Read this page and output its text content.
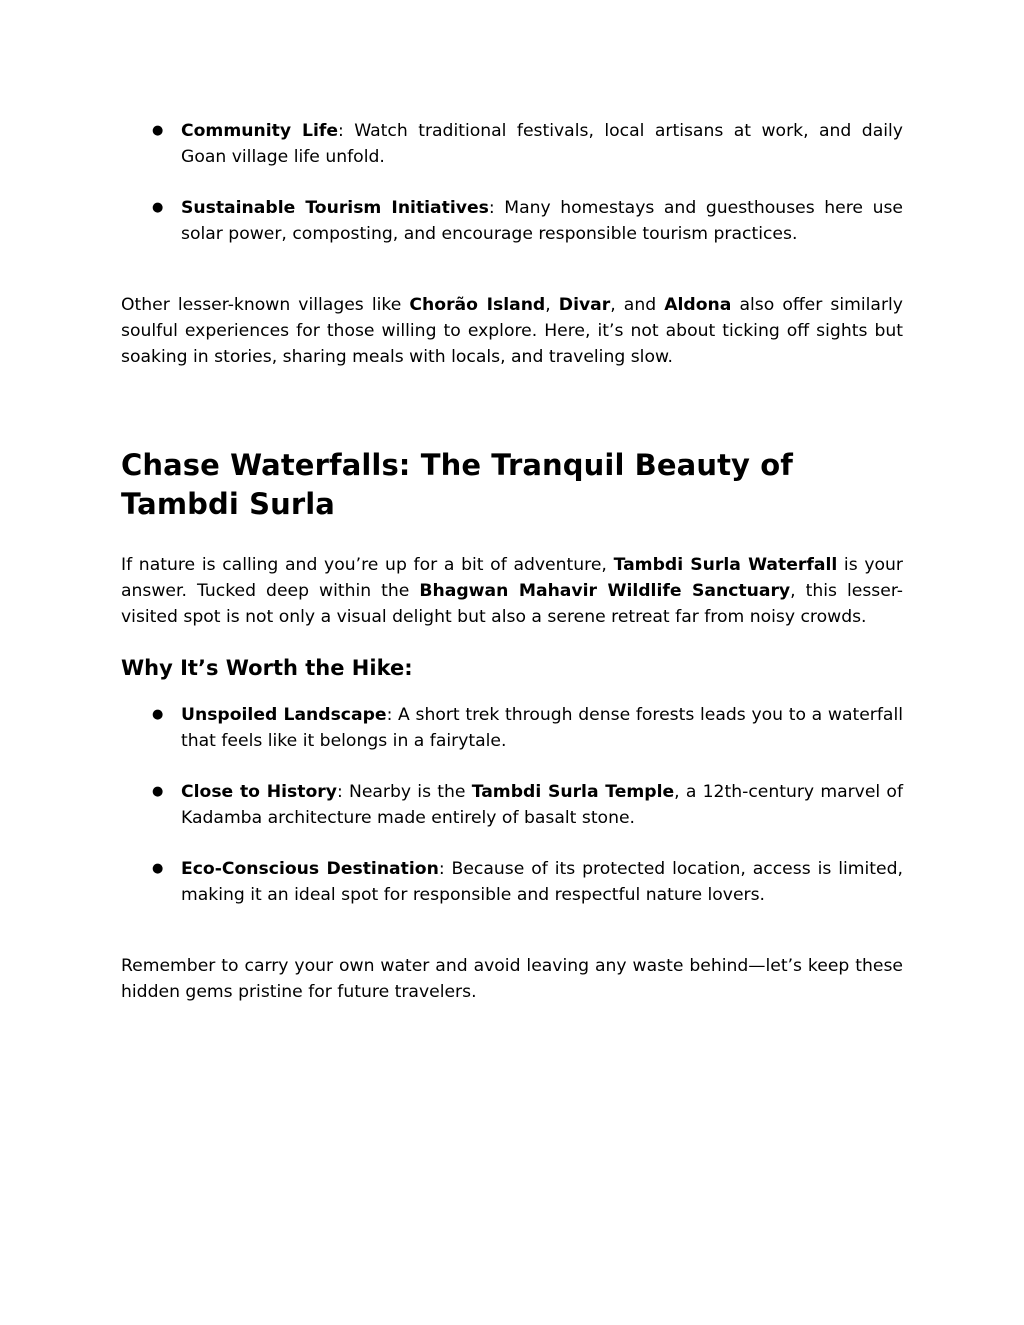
● Community Life: Watch traditional festivals, local artisans at work, and daily Goan village life unfold.
● Sustainable Tourism Initiatives: Many homestays and guesthouses here use solar power, composting, and encourage responsible tourism practices.

Other lesser-known villages like Chorão Island, Divar, and Aldona also offer similarly soulful experiences for those willing to explore. Here, it’s not about ticking off sights but soaking in stories, sharing meals with locals, and traveling slow.

Chase Waterfalls: The Tranquil Beauty of Tambdi Surla

If nature is calling and you’re up for a bit of adventure, Tambdi Surla Waterfall is your answer. Tucked deep within the Bhagwan Mahavir Wildlife Sanctuary, this lesser-visited spot is not only a visual delight but also a serene retreat far from noisy crowds.

Why It’s Worth the Hike:
● Unspoiled Landscape: A short trek through dense forests leads you to a waterfall that feels like it belongs in a fairytale.
● Close to History: Nearby is the Tambdi Surla Temple, a 12th-century marvel of Kadamba architecture made entirely of basalt stone.
● Eco-Conscious Destination: Because of its protected location, access is limited, making it an ideal spot for responsible and respectful nature lovers.

Remember to carry your own water and avoid leaving any waste behind—let’s keep these hidden gems pristine for future travelers.
